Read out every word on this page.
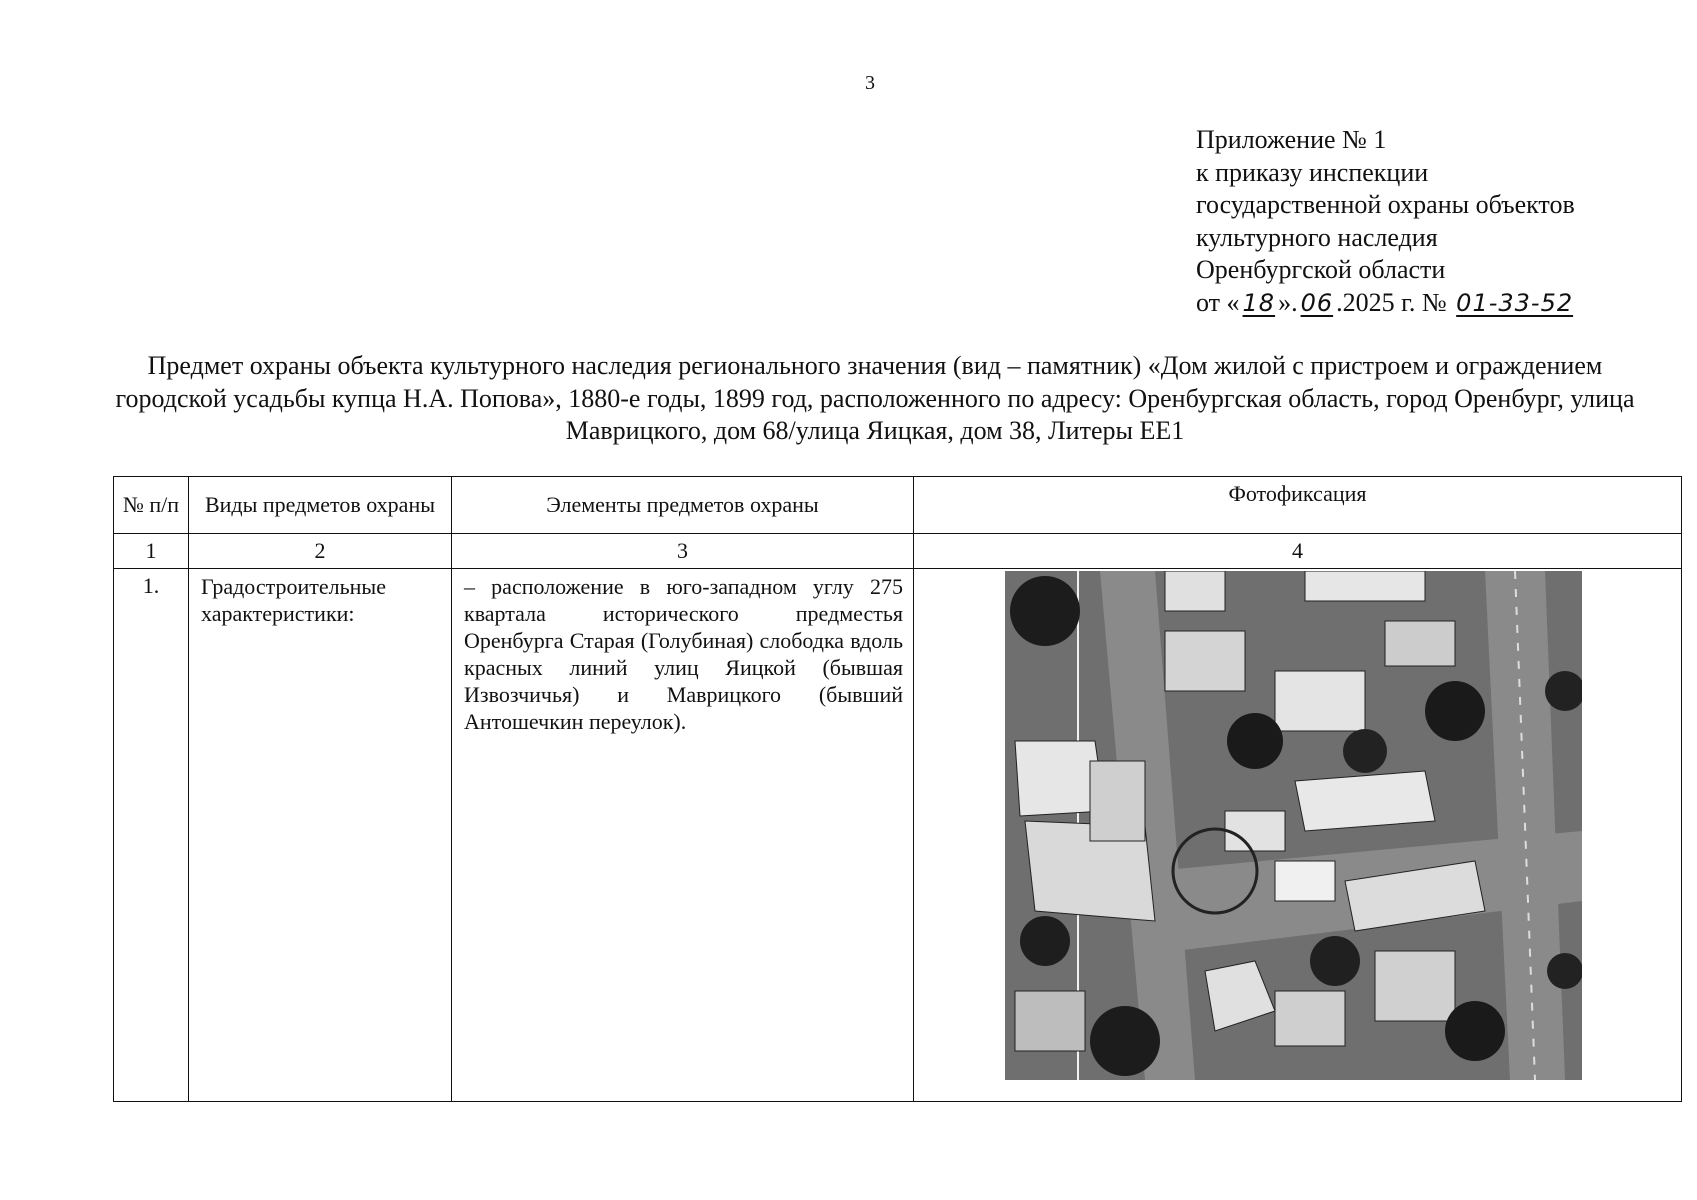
3
Приложение № 1
к приказу инспекции
государственной охраны объектов
культурного наследия
Оренбургской области
от « 18 ». 06 .2025 г. № 01-33-52
Предмет охраны объекта культурного наследия регионального значения (вид – памятник) «Дом жилой с пристроем и ограждением городской усадьбы купца Н.А. Попова», 1880-е годы, 1899 год, расположенного по адресу: Оренбургская область, город Оренбург, улица Маврицкого, дом 68/улица Яицкая, дом 38, Литеры ЕЕ1
№ п/п	Виды предметов охраны	Элементы предметов охраны	Фотофиксация
1	2	3	4
1.	Градостроительные характеристики:	– расположение в юго-западном углу 275 квартала исторического предместья Оренбурга Старая (Голубиная) слободка вдоль красных линий улиц Яицкой (бывшая Извозчичья) и Маврицкого (бывший Антошечкин переулок).	
